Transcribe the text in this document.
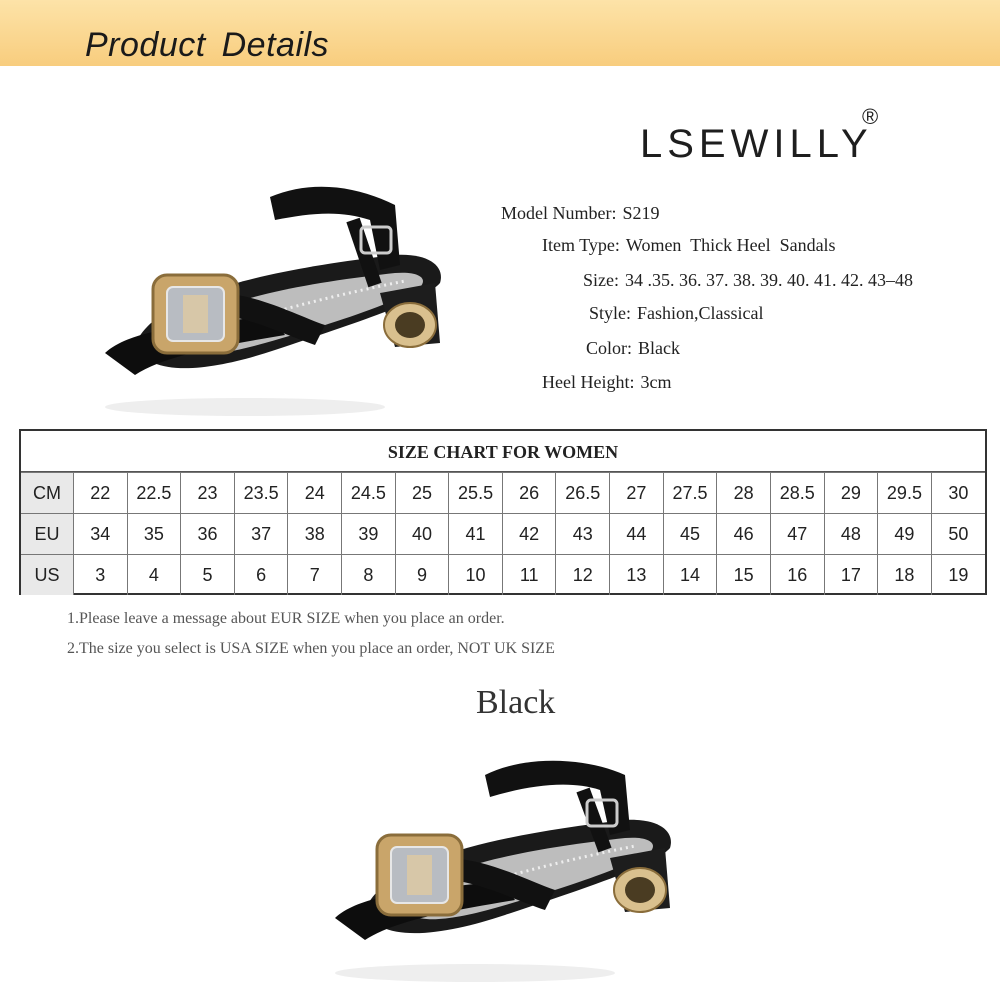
Product Details
LSEWILLY
®
Model Number: S219
Item Type: Women  Thick Heel  Sandals
Size: 34 .35. 36. 37. 38. 39. 40. 41. 42. 43–48
Style: Fashion,Classical
Color: Black
Heel Height: 3cm
SIZE CHART FOR WOMEN
CM	22	22.5	23	23.5	24	24.5	25	25.5	26	26.5	27	27.5	28	28.5	29	29.5	30
EU	34	35	36	37	38	39	40	41	42	43	44	45	46	47	48	49	50
US	3	4	5	6	7	8	9	10	11	12	13	14	15	16	17	18	19
1.Please leave a message about EUR SIZE when you place an order.
2.The size you select is USA SIZE when you place an order, NOT UK SIZE
Black
